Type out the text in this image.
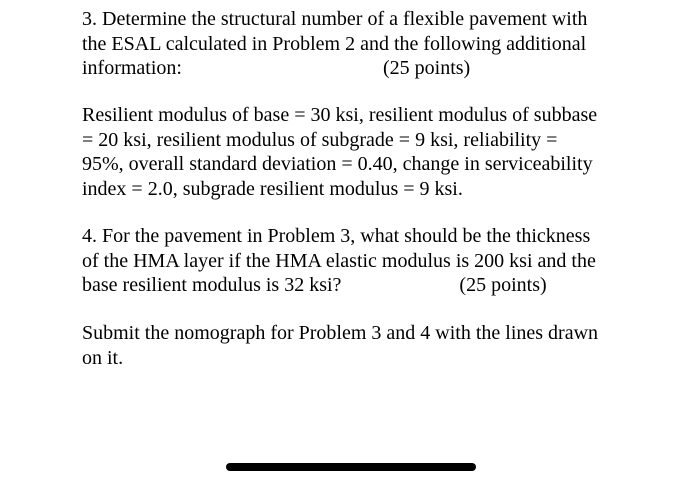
3. Determine the structural number of a flexible pavement with
the ESAL calculated in Problem 2 and the following additional
information:	(25 points)
Resilient modulus of base = 30 ksi, resilient modulus of subbase
= 20 ksi, resilient modulus of subgrade = 9 ksi, reliability =
95%, overall standard deviation = 0.40, change in serviceability
index = 2.0, subgrade resilient modulus = 9 ksi.
4. For the pavement in Problem 3, what should be the thickness
of the HMA layer if the HMA elastic modulus is 200 ksi and the
base resilient modulus is 32 ksi?	(25 points)
Submit the nomograph for Problem 3 and 4 with the lines drawn
on it.
